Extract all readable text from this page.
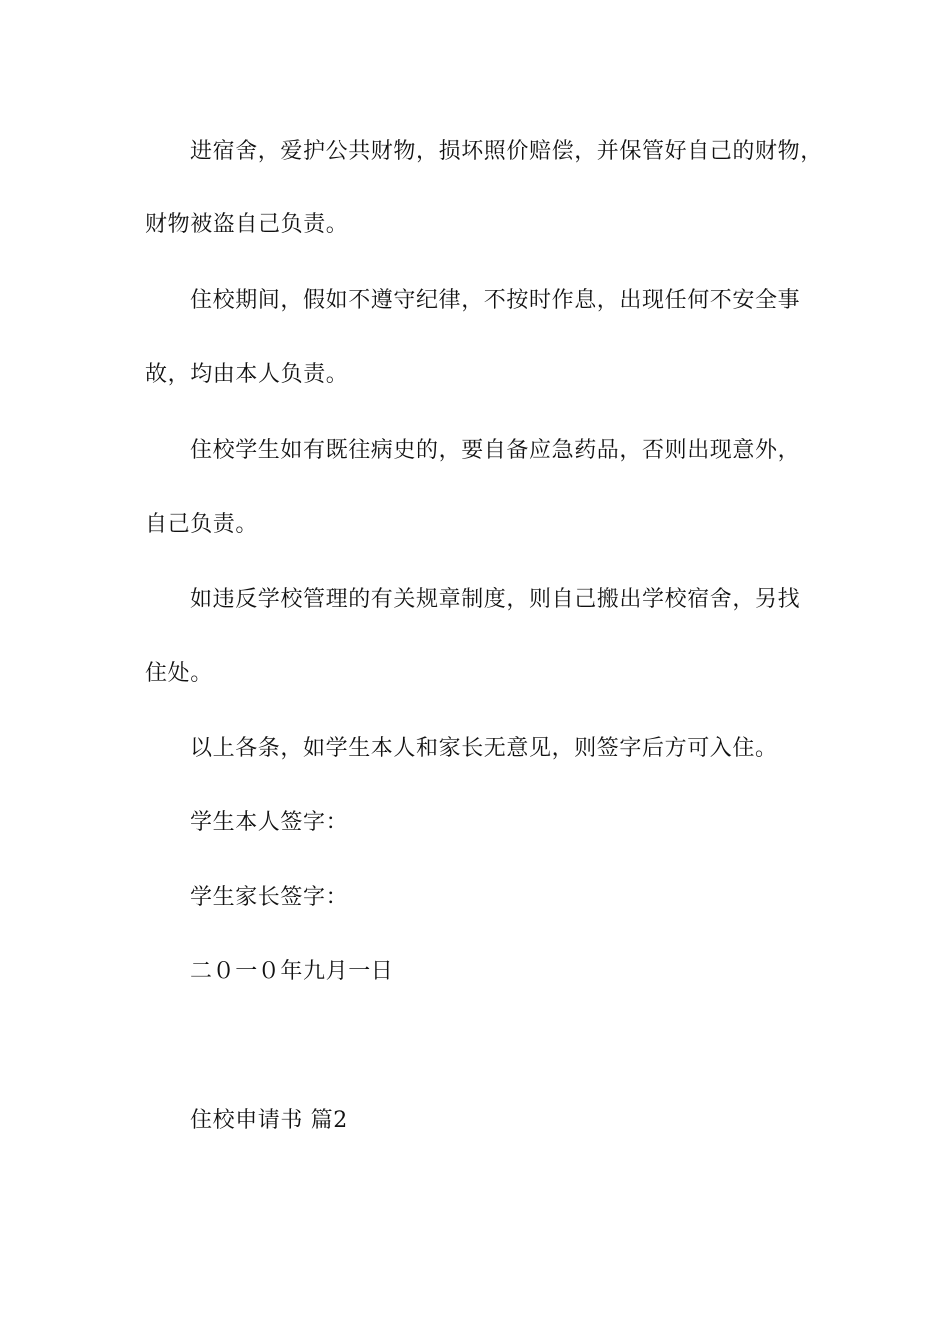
进宿舍，爱护公共财物，损坏照价赔偿，并保管好自己的财物，
财物被盗自己负责。
住校期间，假如不遵守纪律，不按时作息，出现任何不安全事
故，均由本人负责。
住校学生如有既往病史的，要自备应急药品，否则出现意外，
自己负责。
如违反学校管理的有关规章制度，则自己搬出学校宿舍，另找
住处。
以上各条，如学生本人和家长无意见，则签字后方可入住。
学生本人签字：
学生家长签字：
二０一０年九月一日
住校申请书 篇2
